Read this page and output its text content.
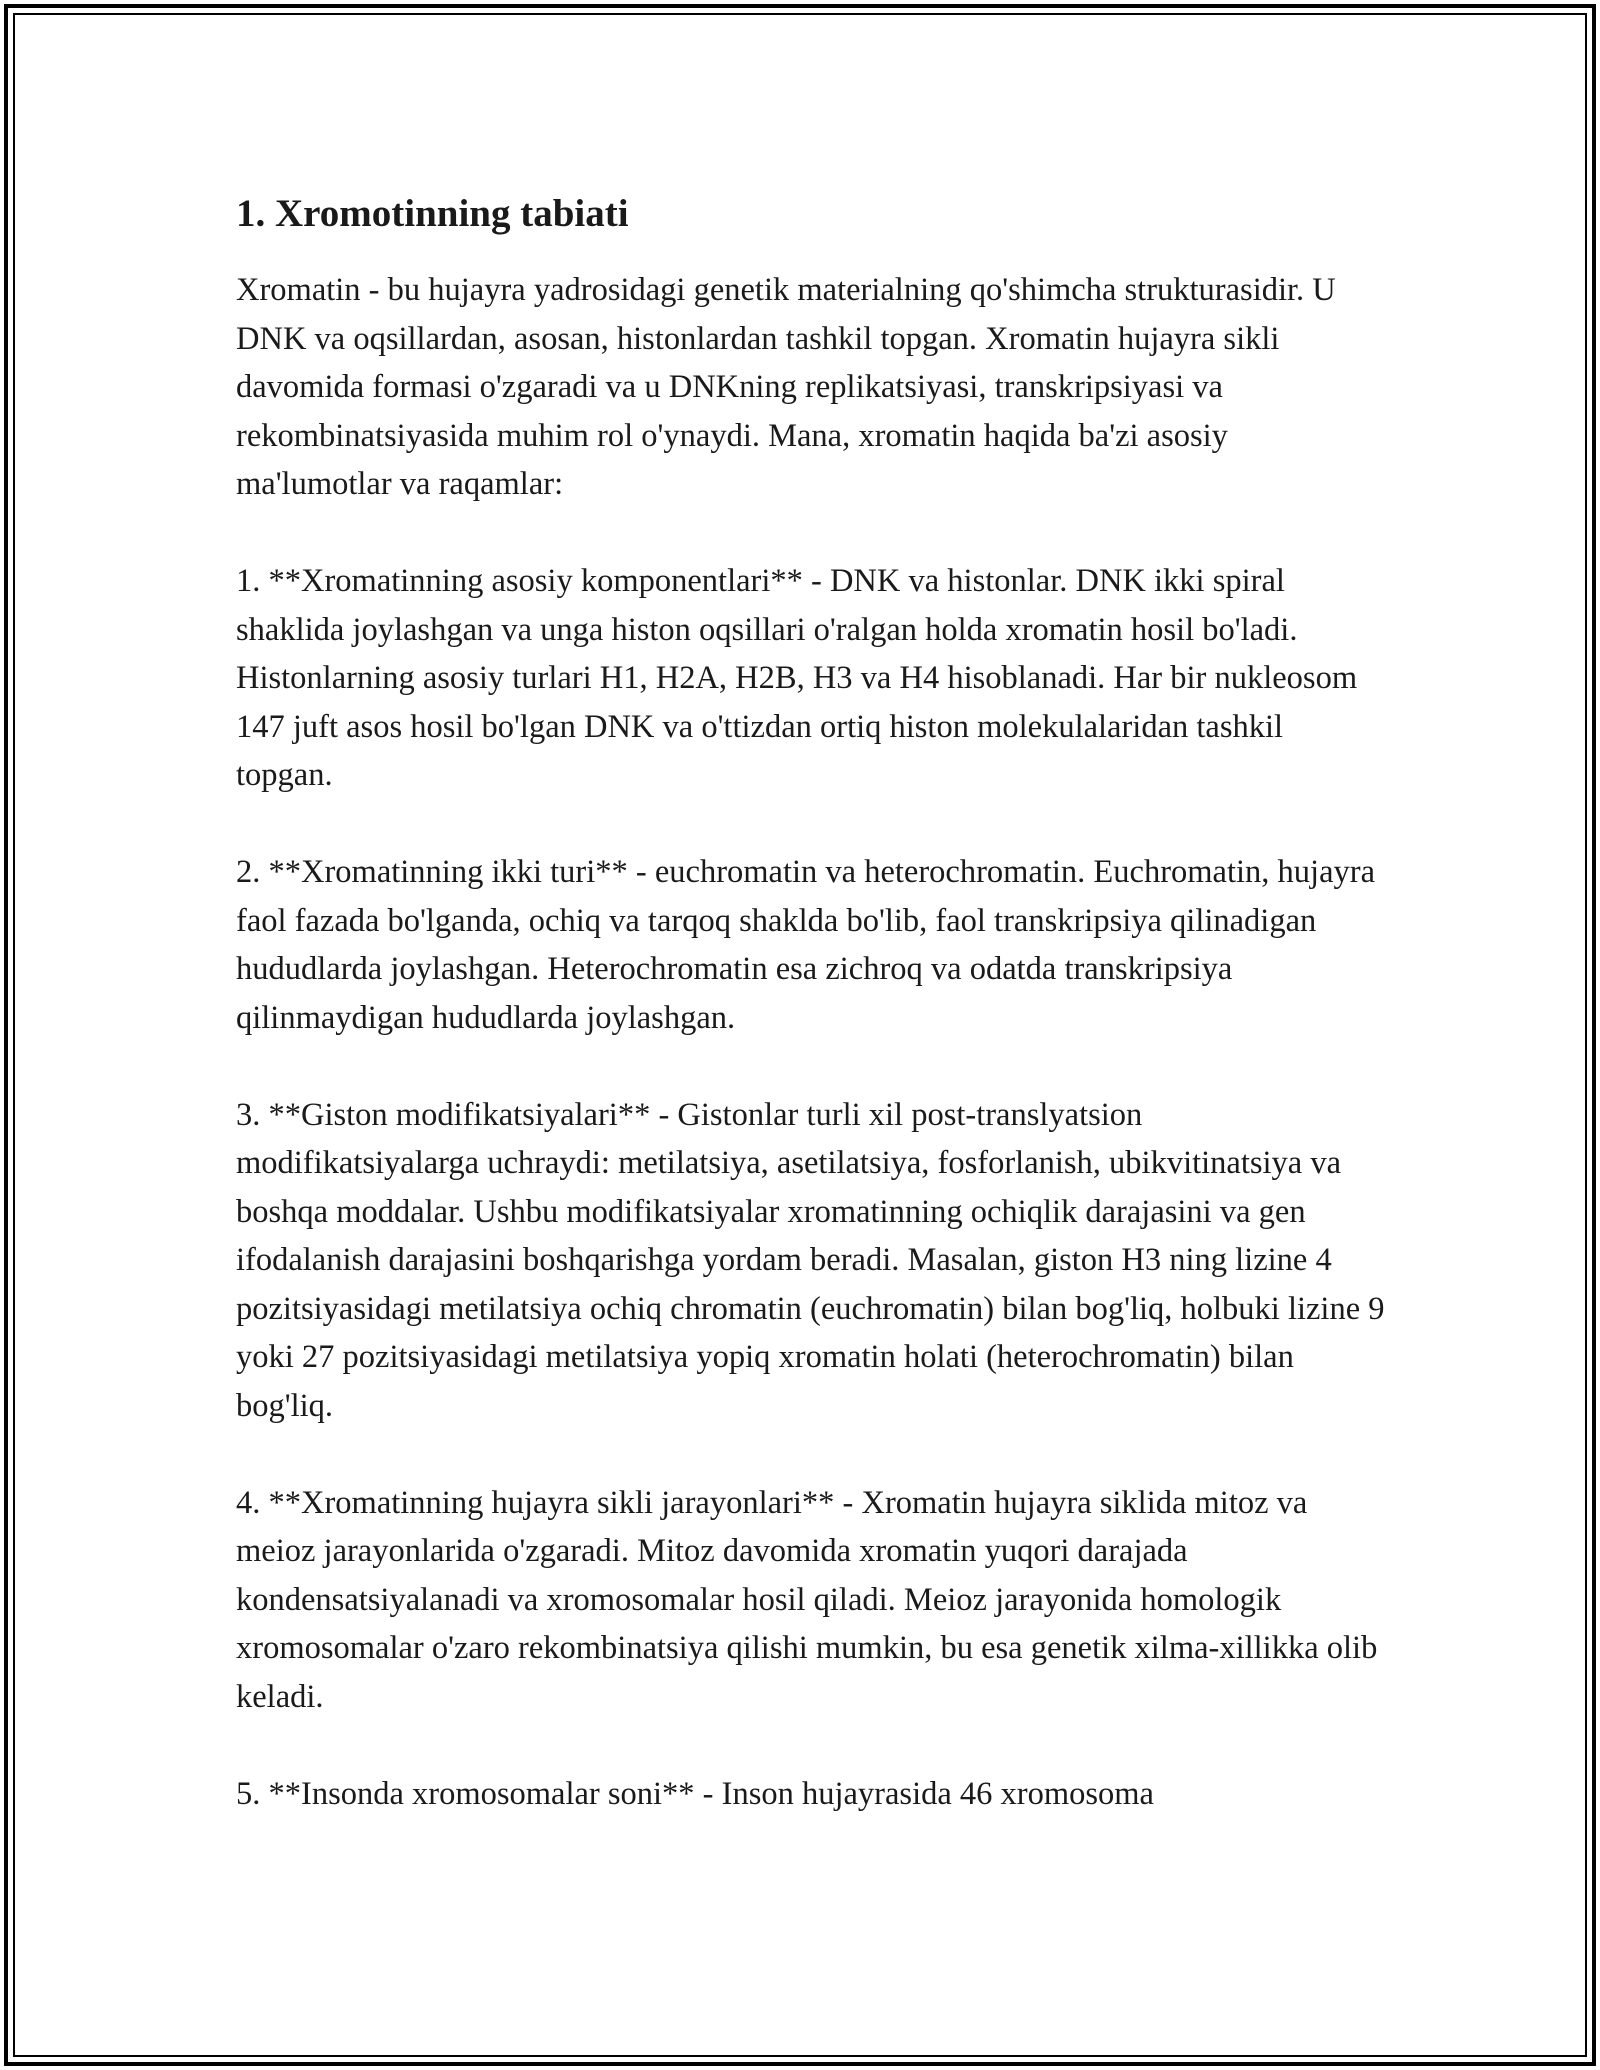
1. Xromotinning tabiati

Xromatin - bu hujayra yadrosidagi genetik materialning qo'shimcha strukturasidir. U DNK va oqsillardan, asosan, histonlardan tashkil topgan. Xromatin hujayra sikli davomida formasi o'zgaradi va u DNKning replikatsiyasi, transkripsiyasi va rekombinatsiyasida muhim rol o'ynaydi. Mana, xromatin haqida ba'zi asosiy ma'lumotlar va raqamlar:

1. **Xromatinning asosiy komponentlari** - DNK va histonlar. DNK ikki spiral shaklida joylashgan va unga histon oqsillari o'ralgan holda xromatin hosil bo'ladi. Histonlarning asosiy turlari H1, H2A, H2B, H3 va H4 hisoblanadi. Har bir nukleosom 147 juft asos hosil bo'lgan DNK va o'ttizdan ortiq histon molekulalaridan tashkil topgan.

2. **Xromatinning ikki turi** - euchromatin va heterochromatin. Euchromatin, hujayra faol fazada bo'lganda, ochiq va tarqoq shaklda bo'lib, faol transkripsiya qilinadigan hududlarda joylashgan. Heterochromatin esa zichroq va odatda transkripsiya qilinmaydigan hududlarda joylashgan.

3. **Giston modifikatsiyalari** - Gistonlar turli xil post-translyatsion modifikatsiyalarga uchraydi: metilatsiya, asetilatsiya, fosforlanish, ubikvitinatsiya va boshqa moddalar. Ushbu modifikatsiyalar xromatinning ochiqlik darajasini va gen ifodalanish darajasini boshqarishga yordam beradi. Masalan, giston H3 ning lizine 4 pozitsiyasidagi metilatsiya ochiq chromatin (euchromatin) bilan bog'liq, holbuki lizine 9 yoki 27 pozitsiyasidagi metilatsiya yopiq xromatin holati (heterochromatin) bilan bog'liq.

4. **Xromatinning hujayra sikli jarayonlari** - Xromatin hujayra siklida mitoz va meioz jarayonlarida o'zgaradi. Mitoz davomida xromatin yuqori darajada kondensatsiyalanadi va xromosomalar hosil qiladi. Meioz jarayonida homologik xromosomalar o'zaro rekombinatsiya qilishi mumkin, bu esa genetik xilma-xillikka olib keladi.

5. **Insonda xromosomalar soni** - Inson hujayrasida 46 xromosoma
